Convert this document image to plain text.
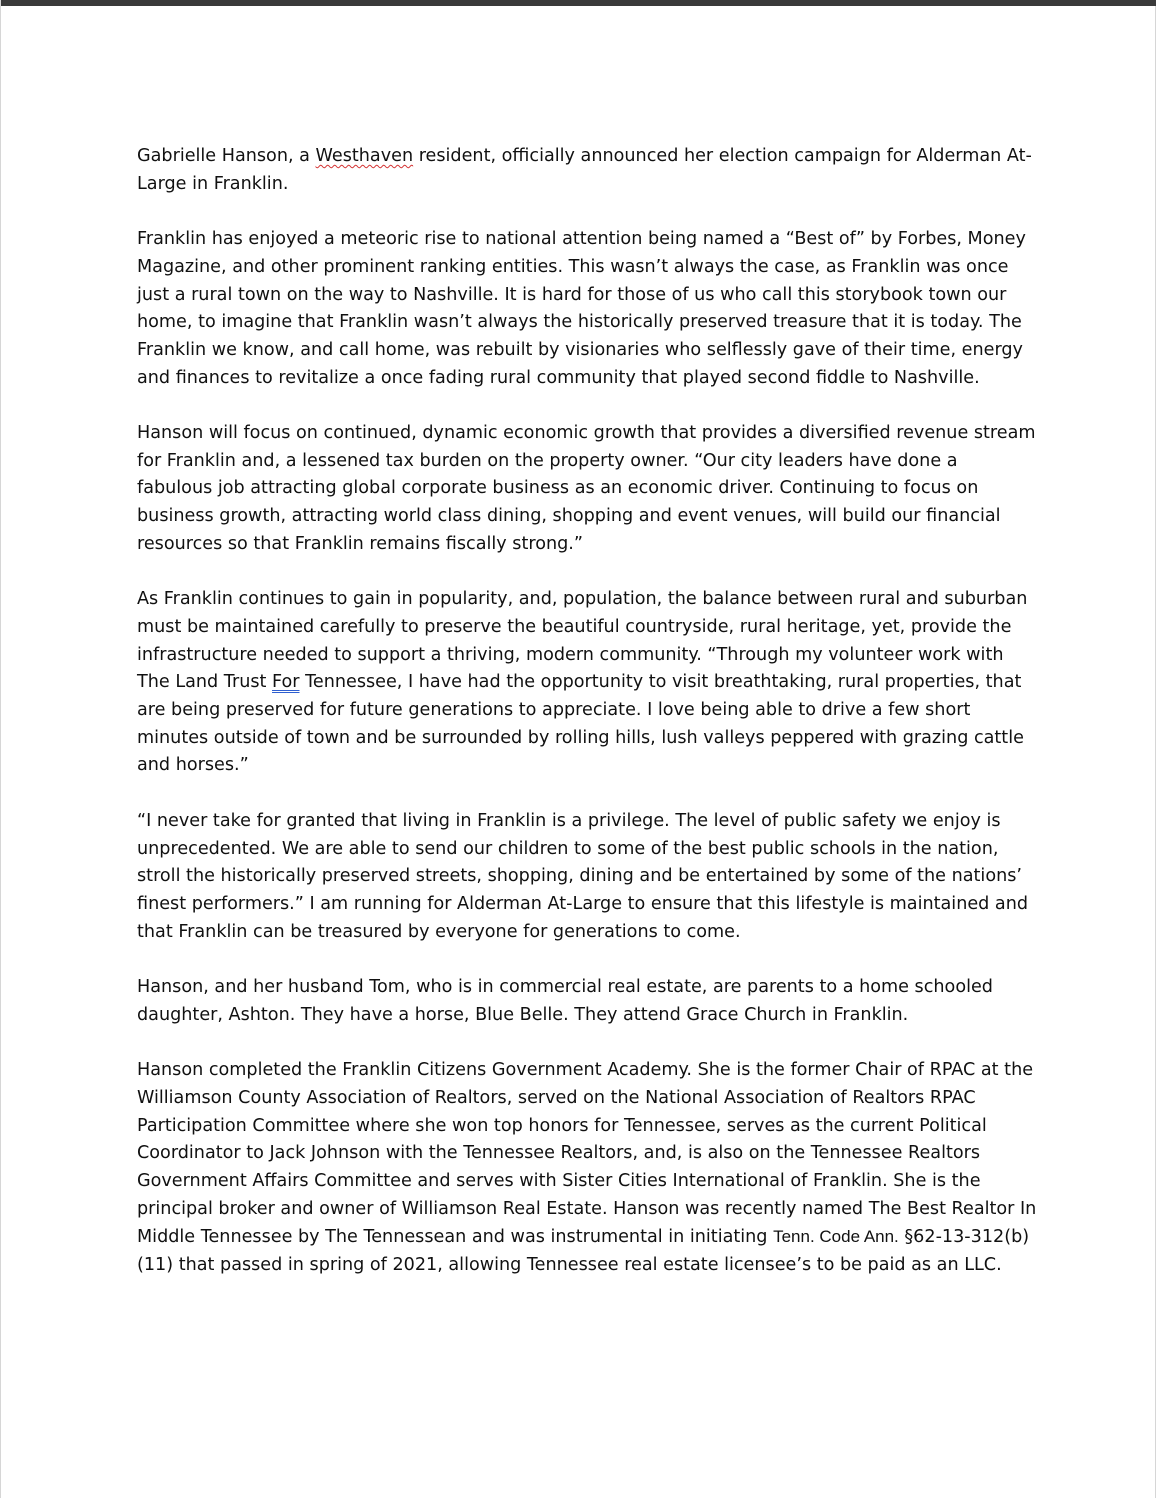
Gabrielle Hanson, a Westhaven resident, officially announced her election campaign for Alderman At-Large in Franklin.

Franklin has enjoyed a meteoric rise to national attention being named a “Best of” by Forbes, Money Magazine, and other prominent ranking entities. This wasn’t always the case, as Franklin was once just a rural town on the way to Nashville. It is hard for those of us who call this storybook town our home, to imagine that Franklin wasn’t always the historically preserved treasure that it is today. The Franklin we know, and call home, was rebuilt by visionaries who selflessly gave of their time, energy and finances to revitalize a once fading rural community that played second fiddle to Nashville.

Hanson will focus on continued, dynamic economic growth that provides a diversified revenue stream for Franklin and, a lessened tax burden on the property owner. “Our city leaders have done a fabulous job attracting global corporate business as an economic driver. Continuing to focus on business growth, attracting world class dining, shopping and event venues, will build our financial resources so that Franklin remains fiscally strong.”

As Franklin continues to gain in popularity, and, population, the balance between rural and suburban must be maintained carefully to preserve the beautiful countryside, rural heritage, yet, provide the infrastructure needed to support a thriving, modern community. “Through my volunteer work with The Land Trust For Tennessee, I have had the opportunity to visit breathtaking, rural properties, that are being preserved for future generations to appreciate. I love being able to drive a few short minutes outside of town and be surrounded by rolling hills, lush valleys peppered with grazing cattle and horses.”

“I never take for granted that living in Franklin is a privilege. The level of public safety we enjoy is unprecedented. We are able to send our children to some of the best public schools in the nation, stroll the historically preserved streets, shopping, dining and be entertained by some of the nations’ finest performers.” I am running for Alderman At-Large to ensure that this lifestyle is maintained and that Franklin can be treasured by everyone for generations to come.

Hanson, and her husband Tom, who is in commercial real estate, are parents to a home schooled daughter, Ashton. They have a horse, Blue Belle. They attend Grace Church in Franklin.

Hanson completed the Franklin Citizens Government Academy. She is the former Chair of RPAC at the Williamson County Association of Realtors, served on the National Association of Realtors RPAC Participation Committee where she won top honors for Tennessee, serves as the current Political Coordinator to Jack Johnson with the Tennessee Realtors, and, is also on the Tennessee Realtors Government Affairs Committee and serves with Sister Cities International of Franklin. She is the principal broker and owner of Williamson Real Estate. Hanson was recently named The Best Realtor In Middle Tennessee by The Tennessean and was instrumental in initiating Tenn. Code Ann. §62-13-312(b)(11) that passed in spring of 2021, allowing Tennessee real estate licensee’s to be paid as an LLC.
